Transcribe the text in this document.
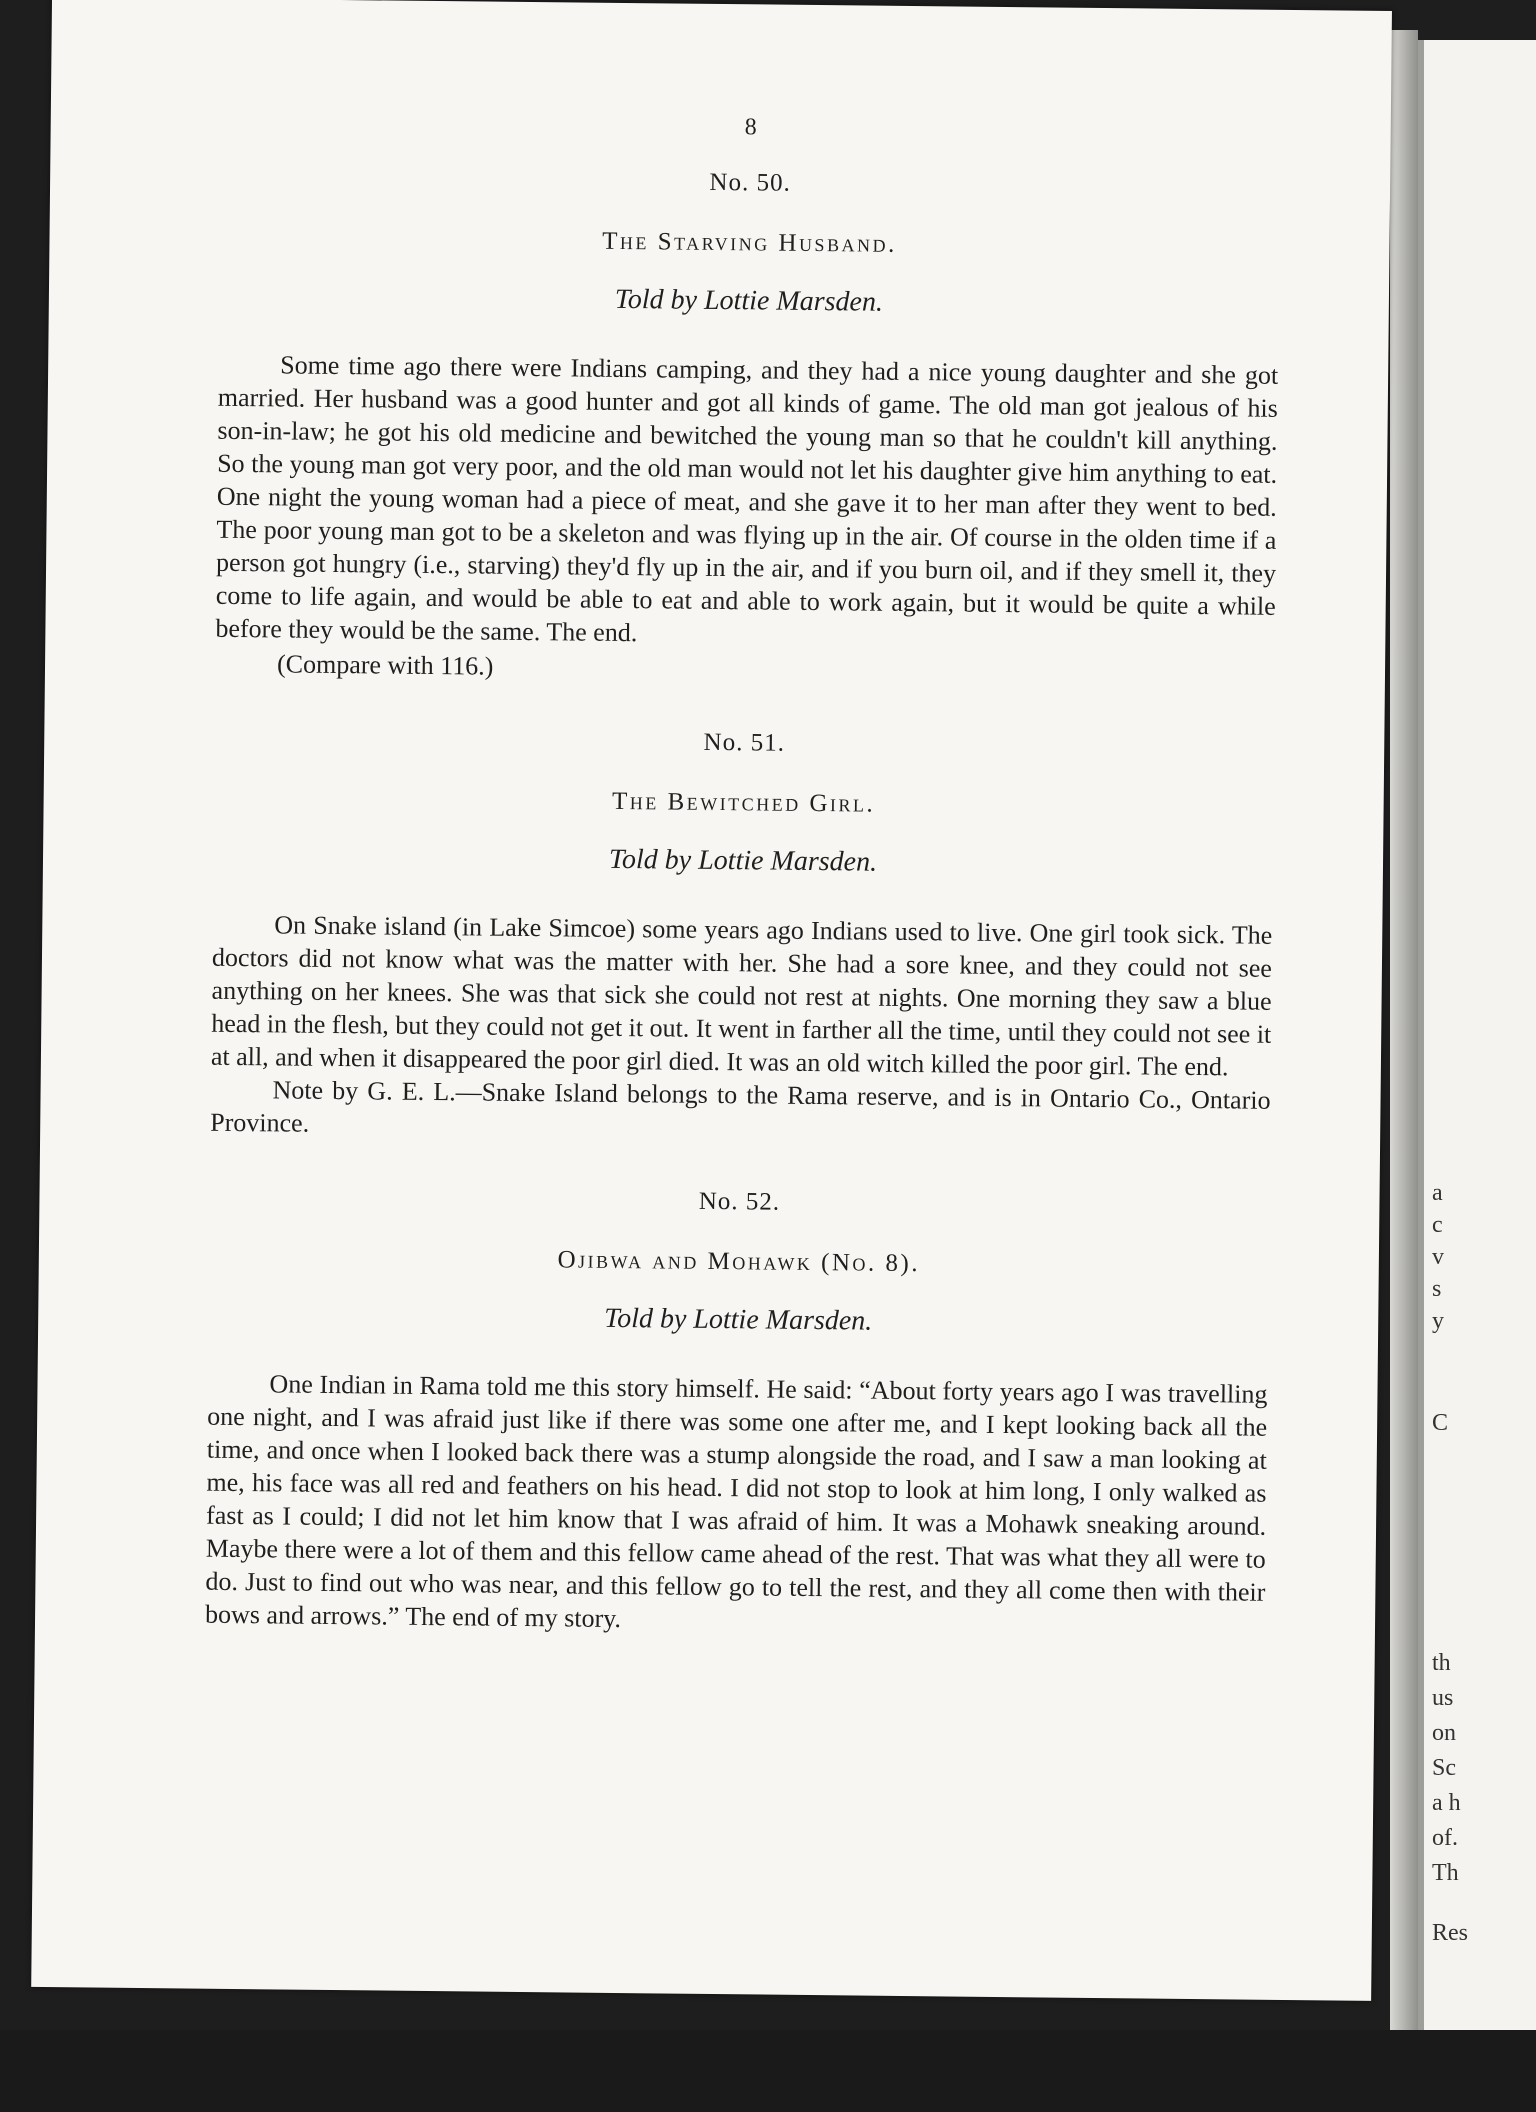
a
c
v
s
y
C
th
us
on
Sc
a h
of.
Th
Res
8
No. 50.
The Starving Husband.
Told by Lottie Marsden.

Some time ago there were Indians camping, and they had a nice young daughter and she got married. Her husband was a good hunter and got all kinds of game. The old man got jealous of his son-in-law; he got his old medicine and bewitched the young man so that he couldn't kill anything. So the young man got very poor, and the old man would not let his daughter give him anything to eat. One night the young woman had a piece of meat, and she gave it to her man after they went to bed. The poor young man got to be a skeleton and was flying up in the air. Of course in the olden time if a person got hungry (i.e., starving) they'd fly up in the air, and if you burn oil, and if they smell it, they come to life again, and would be able to eat and able to work again, but it would be quite a while before they would be the same. The end.

(Compare with 116.)

No. 51.
The Bewitched Girl.
Told by Lottie Marsden.

On Snake island (in Lake Simcoe) some years ago Indians used to live. One girl took sick. The doctors did not know what was the matter with her. She had a sore knee, and they could not see anything on her knees. She was that sick she could not rest at nights. One morning they saw a blue head in the flesh, but they could not get it out. It went in farther all the time, until they could not see it at all, and when it disappeared the poor girl died. It was an old witch killed the poor girl. The end.

Note by G. E. L.—Snake Island belongs to the Rama reserve, and is in Ontario Co., Ontario Province.

No. 52.
Ojibwa and Mohawk (No. 8).
Told by Lottie Marsden.

One Indian in Rama told me this story himself. He said: “About forty years ago I was travelling one night, and I was afraid just like if there was some one after me, and I kept looking back all the time, and once when I looked back there was a stump alongside the road, and I saw a man looking at me, his face was all red and feathers on his head. I did not stop to look at him long, I only walked as fast as I could; I did not let him know that I was afraid of him. It was a Mohawk sneaking around. Maybe there were a lot of them and this fellow came ahead of the rest. That was what they all were to do. Just to find out who was near, and this fellow go to tell the rest, and they all come then with their bows and arrows.” The end of my story.
